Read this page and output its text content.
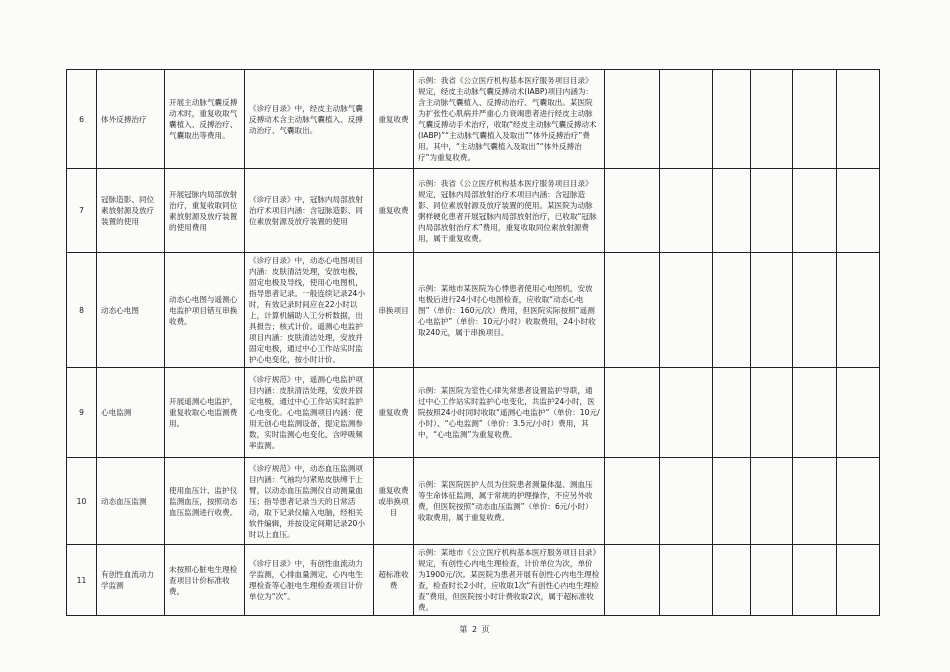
6	体外反搏治疗	开展主动脉气囊反搏动术时，重复收取气囊植入、反搏治疗、气囊取出等费用。	《诊疗目录》中，经皮主动脉气囊反搏动术含主动脉气囊植入、反搏动治疗、气囊取出。	重复收费	示例：我省《公立医疗机构基本医疗服务项目目录》规定，经皮主动脉气囊反搏动术(IABP)项目内涵为：含主动脉气囊植入、反搏动治疗、气囊取出。某医院为扩张性心肌病并严重心力衰竭患者进行经皮主动脉气囊反搏动手术治疗，收取“经皮主动脉气囊反搏动术(IABP)”“主动脉气囊植入及取出”“体外反搏治疗”费用。其中，“主动脉气囊植入及取出”“体外反搏治疗”为重复收费。						
7	冠脉造影、同位素放射源及放疗装置的使用	开展冠脉内局部放射治疗，重复收取同位素放射源及放疗装置的使用费用	《诊疗目录》中，冠脉内局部放射治疗术项目内涵：含冠脉造影、同位素放射源及放疗装置的使用	重复收费	示例：我省《公立医疗机构基本医疗服务项目目录》规定，冠脉内局部放射治疗术项目内涵：含冠脉造影、同位素放射源及放疗装置的使用。某医院为动脉粥样硬化患者开展冠脉内局部放射治疗，已收取“冠脉内局部放射治疗术”费用，重复收取同位素放射源费用，属于重复收费。						
8	动态心电图	动态心电图与遥测心电监护项目错互串换收费。	《诊疗目录》中，动态心电图项目内涵：皮肤清洁处理，安放电极，固定电极及导线，使用心电图机，指导患者记录。一般连续记录24小时，有效记录时间应在22小时以上，计算机辅助人工分析数据，出具报告；核式计价。遥测心电监护项目内涵：皮肤清洁处理，安放并固定电极，通过中心工作站实时监护心电变化，按小时计价。	串换项目	示例：某地市某医院为心悸患者使用心电图机，安放电极后进行24小时心电图检查，应收取“动态心电图”（单价：160元/次）费用，但医院实际按照“遥测心电监护”（单价：10元/小时）收取费用，24小时收取240元，属于串换项目。						
9	心电监测	开展遥测心电监护，重复收取心电监测费用。	《诊疗规范》中，遥测心电监护项目内涵：皮肤清洁处理，安放并固定电极，通过中心工作站实时监护心电变化。心电监测项目内涵：使用无创心电监测设备，提定监测参数，实时监测心电变化，含呼吸频率监测。	重复收费	示例：某医院为室性心律失常患者设置监护导联，通过中心工作站实时监护心电变化，共监护24小时，医院按照24小时同时收取“遥测心电监护”（单价：10元/小时）、“心电监测”（单价：3.5元/小时）费用，其中，“心电监测”为重复收费。						
10	动态血压监测	使用血压计、监护仪监测血压，按照动态血压监测进行收费。	《诊疗规范》中，动态血压监测项目内涵：气袖均匀紧贴皮肤缚于上臂，以动态血压监测仪自动测量血压；指导患者记录当天的日常活动，取下记录仪输入电脑，经相关软件编辑，并按设定间期记录20小时以上血压。	重复收费或串换项目	示例：某医院医护人员为住院患者测量体温、测血压等生命体征监测，属于常规的护理操作，不应另外收费，但医院按照“动态血压监测”（单价：6元/小时）收取费用，属于重复收费。						
11	有创性血流动力学监测	未按照心脏电生理检查项目计价标准收费。	《诊疗目录》中，有创性血流动力学监测，心排血量测定、心内电生理检查等心脏电生理检查项目计价单位为“次”。	超标准收费	示例：某地市《公立医疗机构基本医疗服务项目目录》规定，有创性心内电生理检查，计价单位为次，单价为1900元/次。某医院为患者开展有创性心内电生理检查，检查时长2小时，应收取1次“有创性心内电生理检查”费用，但医院按小时计费收取2次，属于超标准收费。						
第 2 页
